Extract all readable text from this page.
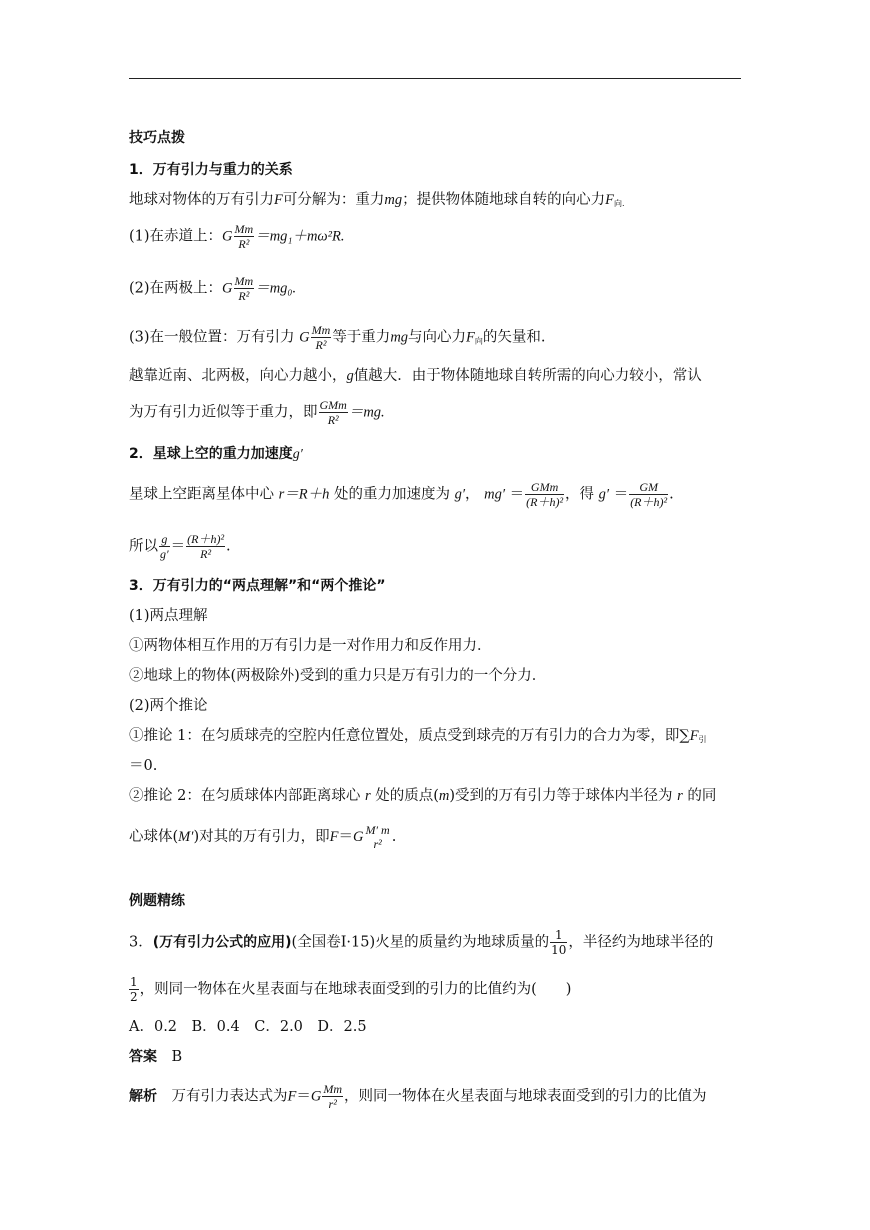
技巧点拨
1．万有引力与重力的关系
地球对物体的万有引力F可分解为：重力mg；提供物体随地球自转的向心力F向.
(1)在赤道上：G $\frac{Mm}{\text{R²}} =mg_1+m\omega^2R$.
(2)在两极上：G $\frac{Mm}{\text{R²}} =mg_0$.
(3)在一般位置：万有引力 G $\frac{Mm}{\text{R²}}$ 等于重力mg与向心力F向的矢量和.
越靠近南、北两极，向心力越小，g值越大．由于物体随地球自转所需的向心力较小，常认
为万有引力近似等于重力，即 GMm
R² ＝mg.
2．星球上空的重力加速度g′
星球上空距离星体中心 r＝R＋h 处的重力加速度为 g′， mg′ ＝ GMm
(R＋h)² ，得 $g' = \frac{GM}{\text{(R＋h)²}}$ .
所以 $\frac{g}{g'} = \frac{\text{(R＋h)²}}{\text{R²}}$ .
3．万有引力的“两点理解”和“两个推论”
(1)两点理解
①两物体相互作用的万有引力是一对作用力和反作用力．
②地球上的物体(两极除外)受到的重力只是万有引力的一个分力．
(2)两个推论
①推论 1：在匀质球壳的空腔内任意位置处，质点受到球壳的万有引力的合力为零，即∑F引
＝0.
②推论 2：在匀质球体内部距离球心 r 处的质点(m)受到的万有引力等于球体内半径为 r 的同
心球体(M′)对其的万有引力，即F＝G M′ m
r² .
例题精练
3．(万有引力公式的应用)(全国卷Ⅰ·15)火星的质量约为地球质量的 $\frac{1}{10}$ ，半径约为地球半径的
$\frac{1}{2}$ ，则同一物体在火星表面与在地球表面受到的引力的比值约为(　　)
A．0.2　B．0.4　C．2.0　D．2.5
答案　 B
解析　 万有引力表达式为$F=G \frac{Mm}{\text{r²}}$ ，则同一物体在火星表面与地球表面受到的引力的比值为
